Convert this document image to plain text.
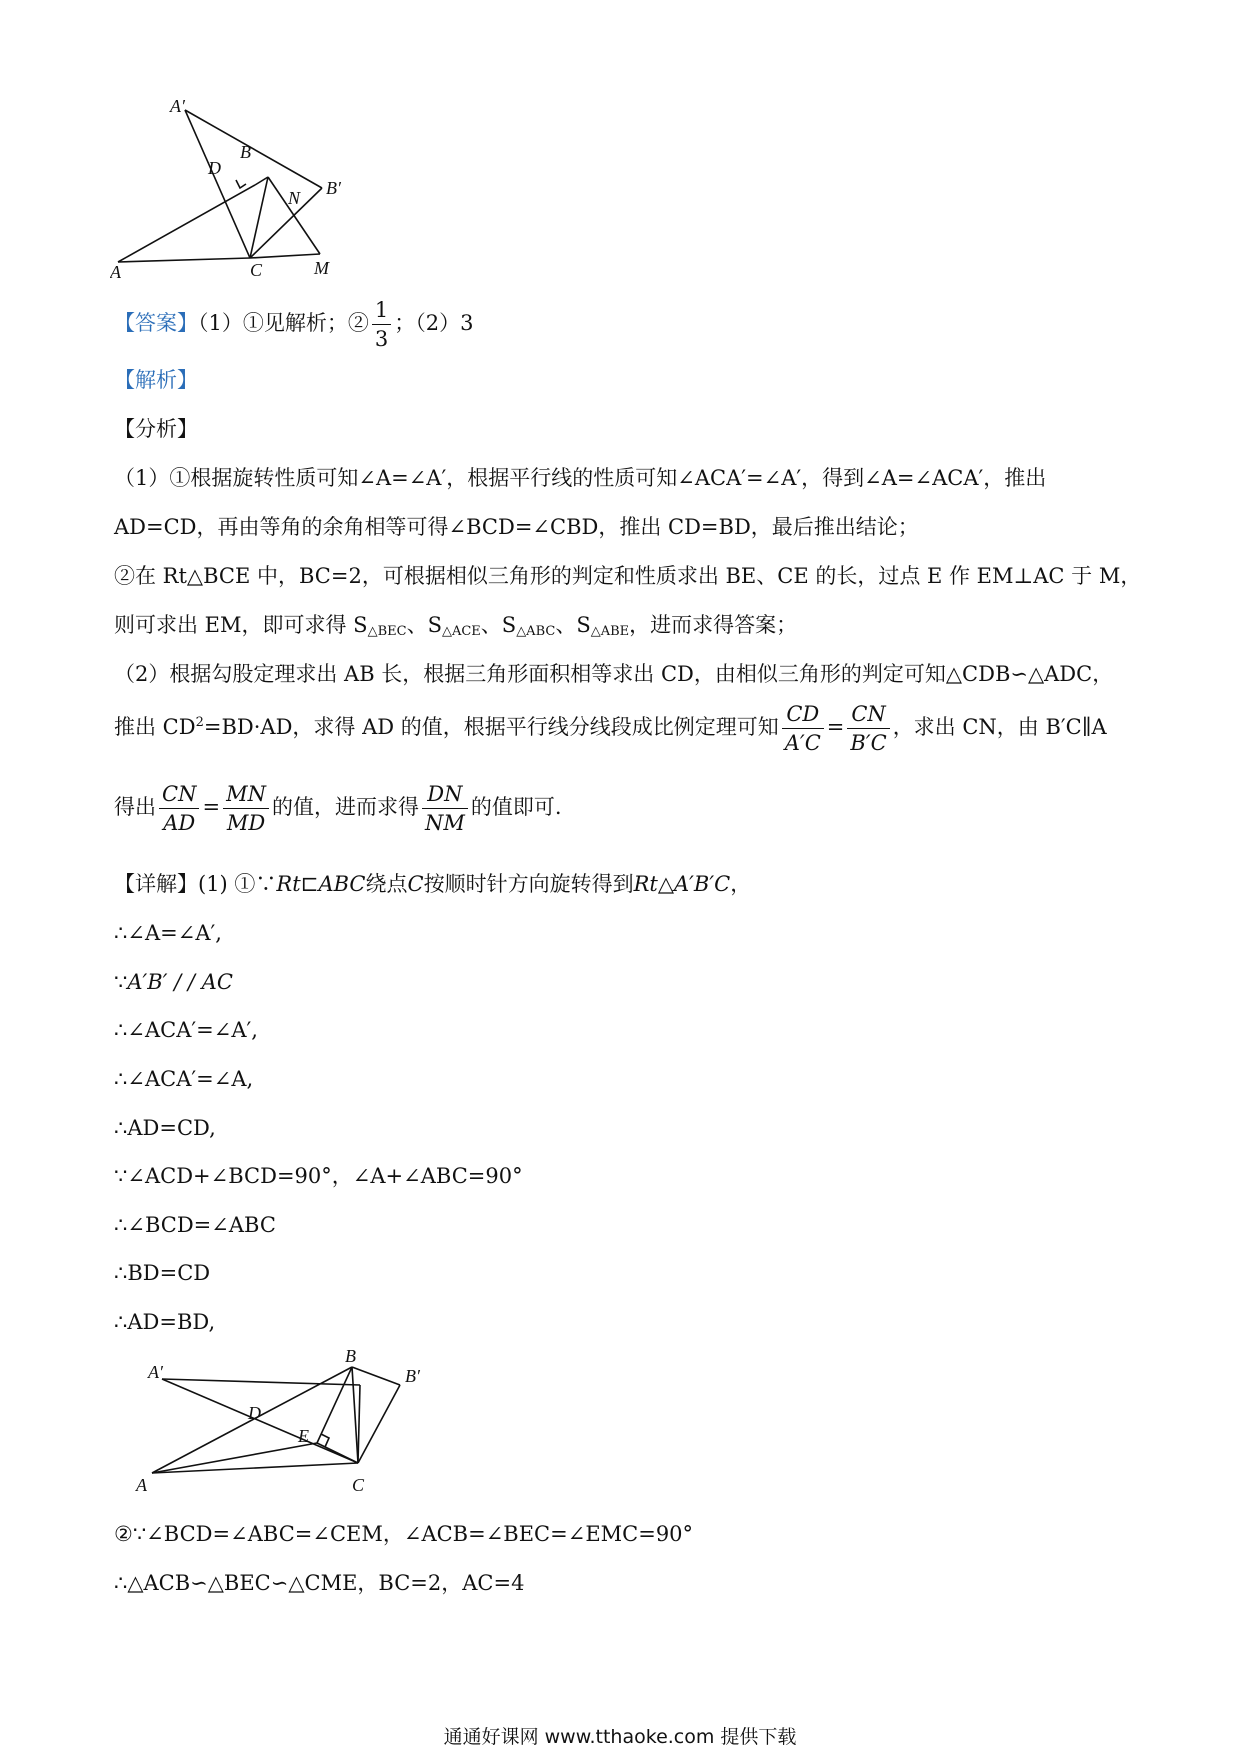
A′
B
D
N B′
A	C	M
【答案】（1）①见解析；② $\frac{1}{3}$ ；（2）3
【解析】
【分析】
（1）①根据旋转性质可知∠A=∠A′，根据平行线的性质可知∠ACA′=∠A′，得到∠A=∠ACA′，推出
AD=CD，再由等角的余角相等可得∠BCD=∠CBD，推出 CD=BD，最后推出结论；
②在 Rt△BCE 中，BC=2，可根据相似三角形的判定和性质求出 BE、CE 的长，过点 E 作 EM⊥AC 于 M，
则可求出 EM，即可求得 $S_{\triangle BEC}$、$S_{\triangle ACE}$、$S_{\triangle ABC}$、$S_{\triangle ABE}$，进而求得答案；
（2）根据勾股定理求出 AB 长，根据三角形面积相等求出 CD，由相似三角形的判定可知△CDB∽△ADC，
推出 $CD^2=BD\cdot AD$，求得 AD 的值，根据平行线分线段成比例定理可知 $\frac{CD}{A'C} = \frac{CN}{B'C}$ ，求出 CN，由 B′C∥A
得出 $\frac{CN}{AD} = \frac{MN}{MD}$ 的值，进而求得 $\frac{DN}{NM}$ 的值即可.
【详解】(1) ①∵Rt⊏ABC绕点C按顺时针方向旋转得到Rt△A′B′C，
∴∠A=∠A′,
∵A′B′ / / AC
∴∠ACA′=∠A′,
∴∠ACA′=∠A,
∴AD=CD,
∵∠ACD+∠BCD=90°，∠A+∠ABC=90°
∴∠BCD=∠ABC
∴BD=CD
∴AD=BD,
A′
B
B′
D
E
A	C
②∵∠BCD=∠ABC=∠CEM，∠ACB=∠BEC=∠EMC=90°
∴△ACB∽△BEC∽△CME，BC=2，AC=4
通通好课网 www.tthaoke.com 提供下载
